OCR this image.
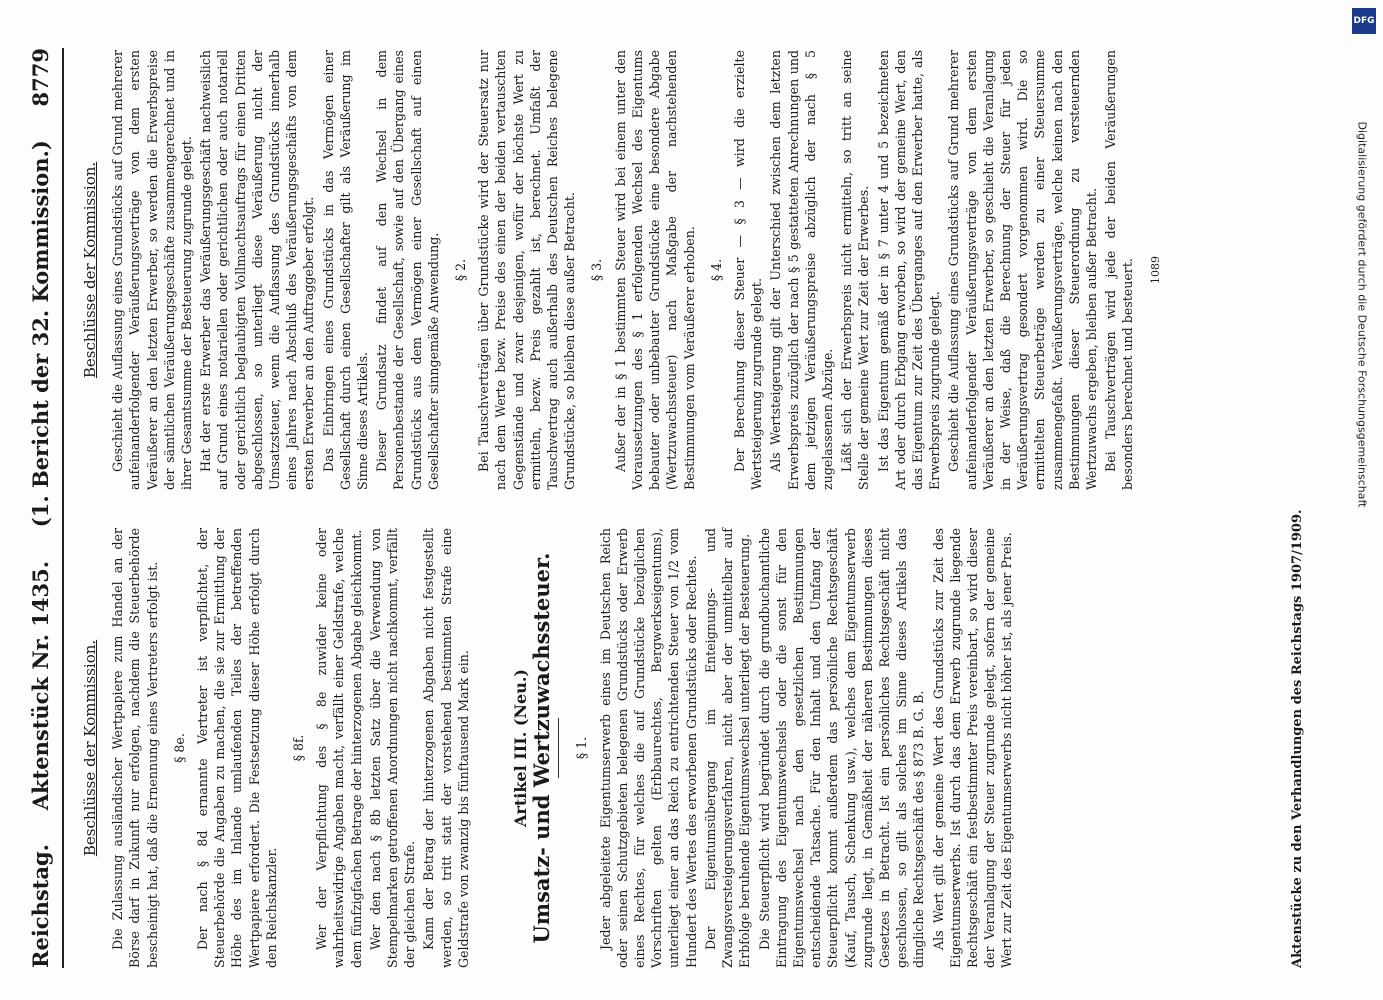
Reichstag.
Aktenstück Nr. 1435.
(1. Bericht der 32. Kommission.)
8779
Beschlüsse der Kommission. Die Zulassung ausländischer Wertpapiere zum Handel an der Börse darf in Zukunft nur erfolgen, nachdem die Steuerbehörde bescheinigt hat, daß die Ernennung eines Vertreters erfolgt ist. § 8e. Der nach § 8d ernannte Vertreter ist verpflichtet, der Steuerbehörde die Angaben zu machen, die sie zur Ermittlung der Höhe des im Inlande umlaufenden Teiles der betreffenden Wertpapiere erfordert. Die Festsetzung dieser Höhe erfolgt durch den Reichskanzler.

§ 8f. Wer der Verpflichtung des § 8e zuwider keine oder wahrheitswidrige Angaben macht, verfällt einer Geldstrafe, welche dem fünfzigfachen Betrage der hinterzogenen Abgabe gleichkommt. Wer den nach § 8b letzten Satz über die Verwendung von Stempelmarken getroffenen Anordnungen nicht nachkommt, verfällt der gleichen Strafe. Kann der Betrag der hinterzogenen Abgaben nicht festgestellt werden, so tritt statt der vorstehend bestimmten Strafe eine Geldstrafe von zwanzig bis fünftausend Mark ein.	Artikel III. (Neu.) Umsatz- und Wertzuwachssteuer. § 1. Jeder abgeleitete Eigentumserwerb eines im Deutschen Reich oder seinen Schutzgebieten belegenen Grundstücks oder Erwerb eines Rechtes, für welches die auf Grundstücke bezüglichen Vorschriften gelten (Erbbaurechtes, Bergwerkseigentums), unterliegt einer an das Reich zu entrichtenden Steuer von 1/2 vom Hundert des Wertes des erworbenen Grundstücks oder Rechtes. Der Eigentumsübergang im Enteignungs- und Zwangsversteigerungsverfahren, nicht aber der unmittelbar auf Erbfolge beruhende Eigentumswechsel unterliegt der Besteuerung. Die Steuerpflicht wird begründet durch die grundbuchamtliche Eintragung des Eigentumswechsels oder die sonst für den Eigentumswechsel nach den gesetzlichen Bestimmungen entscheidende Tatsache. Für den Inhalt und den Umfang der Steuerpflicht kommt außerdem das persönliche Rechtsgeschäft (Kauf, Tausch, Schenkung usw.), welches dem Eigentumserwerb zugrunde liegt, in Gemäßheit der näheren Bestimmungen dieses Gesetzes in Betracht. Ist ein persönliches Rechtsgeschäft nicht geschlossen, so gilt als solches im Sinne dieses Artikels das dingliche Rechtsgeschäft des § 873 B. G. B. Als Wert gilt der gemeine Wert des Grundstücks zur Zeit des Eigentumserwerbs. Ist durch das dem Erwerb zugrunde liegende Rechtsgeschäft ein festbestimmter Preis vereinbart, so wird dieser der Veranlagung der Steuer zugrunde gelegt, sofern der gemeine Wert zur Zeit des Eigentumserwerbs nicht höher ist, als jener Preis.

Beschlüsse der Kommission. Geschieht die Auflassung eines Grundstücks auf Grund mehrerer aufeinanderfolgender Veräußerungsverträge von dem ersten Veräußerer an den letzten Erwerber, so werden die Erwerbspreise der sämtlichen Veräußerungsgeschäfte zusammengerechnet und in ihrer Gesamtsumme der Besteuerung zugrunde gelegt. Hat der erste Erwerber das Veräußerungsgeschäft nachweislich auf Grund eines notariellen oder gerichtlichen oder auch notariell oder gerichtlich beglaubigten Vollmachtsauftrags für einen Dritten abgeschlossen, so unterliegt diese Veräußerung nicht der Umsatzsteuer, wenn die Auflassung des Grundstücks innerhalb eines Jahres nach Abschluß des Veräußerungsgeschäfts von dem ersten Erwerber an den Auftraggeber erfolgt. Das Einbringen eines Grundstücks in das Vermögen einer Gesellschaft durch einen Gesellschafter gilt als Veräußerung im Sinne dieses Artikels. Dieser Grundsatz findet auf den Wechsel in dem Personenbestande der Gesellschaft, sowie auf den Übergang eines Grundstücks aus dem Vermögen einer Gesellschaft auf einen Gesellschafter sinngemäße Anwendung. § 2. Bei Tauschverträgen über Grundstücke wird der Steuersatz nur nach dem Werte bezw. Preise des einen der beiden vertauschten Gegenstände und zwar desjenigen, wofür der höchste Wert zu ermitteln, bezw. Preis gezahlt ist, berechnet. Umfaßt der Tauschvertrag auch außerhalb des Deutschen Reiches belegene Grundstücke, so bleiben diese außer Betracht. § 3. Außer der in § 1 bestimmten Steuer wird bei einem unter den Voraussetzungen des § 1 erfolgenden Wechsel des Eigentums bebauter oder unbebauter Grundstücke eine besondere Abgabe (Wertzuwachssteuer) nach Maßgabe der nachstehenden Bestimmungen vom Veräußerer erhoben. § 4. Der Berechnung dieser Steuer — § 3 — wird die erzielte Wertsteigerung zugrunde gelegt. Als Wertsteigerung gilt der Unterschied zwischen dem letzten Erwerbspreis zuzüglich der nach § 5 gestatteten Anrechnungen und dem jetzigen Veräußerungspreise abzüglich der nach § 5 zugelassenen Abzüge. Läßt sich der Erwerbspreis nicht ermitteln, so tritt an seine Stelle der gemeine Wert zur Zeit der Erwerbes. Ist das Eigentum gemäß der in § 7 unter 4 und 5 bezeichneten Art oder durch Erbgang erworben, so wird der gemeine Wert, den das Eigentum zur Zeit des Überganges auf den Erwerber hatte, als Erwerbspreis zugrunde gelegt. Geschieht die Auflassung eines Grundstücks auf Grund mehrerer aufeinanderfolgender Veräußerungsverträge von dem ersten Veräußerer an den letzten Erwerber, so geschieht die Veranlagung in der Weise, daß die Berechnung der Steuer für jeden Veräußerungsvertrag gesondert vorgenommen wird. Die so ermittelten Steuerbeträge werden zu einer Steuersumme zusammengefaßt. Veräußerungsverträge, welche keinen nach den Bestimmungen dieser Steuerordnung zu versteuernden Wertzuwachs ergeben, bleiben außer Betracht. Bei Tauschverträgen wird jede der beiden Veräußerungen besonders berechnet und besteuert. 1089
Aktenstücke zu den Verhandlungen des Reichstags 1907/1909.
DFG
Digitalisierung gefördert durch die Deutsche Forschungsgemeinschaft
